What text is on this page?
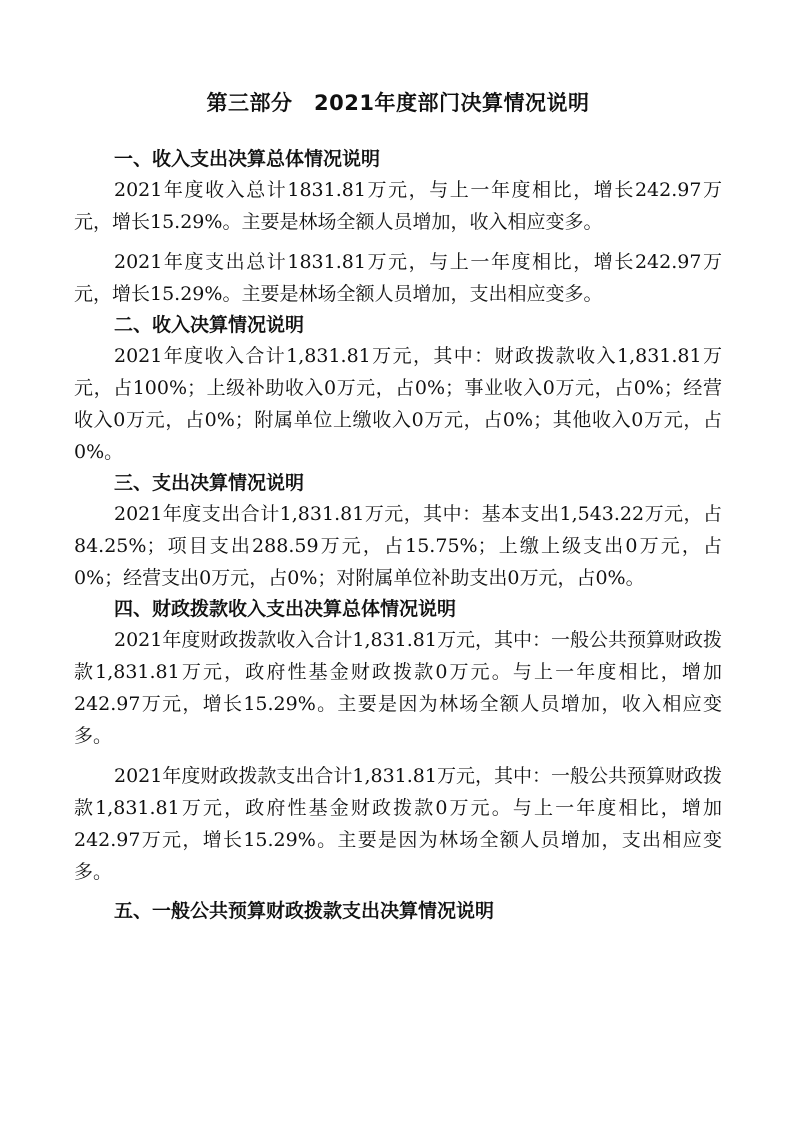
第三部分　2021年度部门决算情况说明
一、收入支出决算总体情况说明

2021年度收入总计1831.81万元，与上一年度相比，增长242.97万元，增长15.29%。主要是林场全额人员增加，收入相应变多。

2021年度支出总计1831.81万元，与上一年度相比，增长242.97万元，增长15.29%。主要是林场全额人员增加，支出相应变多。

二、收入决算情况说明

2021年度收入合计1,831.81万元，其中：财政拨款收入1,831.81万元，占100%；上级补助收入0万元，占0%；事业收入0万元，占0%；经营收入0万元，占0%；附属单位上缴收入0万元，占0%；其他收入0万元，占0%。

三、支出决算情况说明

2021年度支出合计1,831.81万元，其中：基本支出1,543.22万元，占84.25%；项目支出288.59万元，占15.75%；上缴上级支出0万元，占0%；经营支出0万元，占0%；对附属单位补助支出0万元，占0%。

四、财政拨款收入支出决算总体情况说明

2021年度财政拨款收入合计1,831.81万元，其中：一般公共预算财政拨款1,831.81万元，政府性基金财政拨款0万元。与上一年度相比，增加242.97万元，增长15.29%。主要是因为林场全额人员增加，收入相应变多。

2021年度财政拨款支出合计1,831.81万元，其中：一般公共预算财政拨款1,831.81万元，政府性基金财政拨款0万元。与上一年度相比，增加242.97万元，增长15.29%。主要是因为林场全额人员增加，支出相应变多。

五、一般公共预算财政拨款支出决算情况说明
